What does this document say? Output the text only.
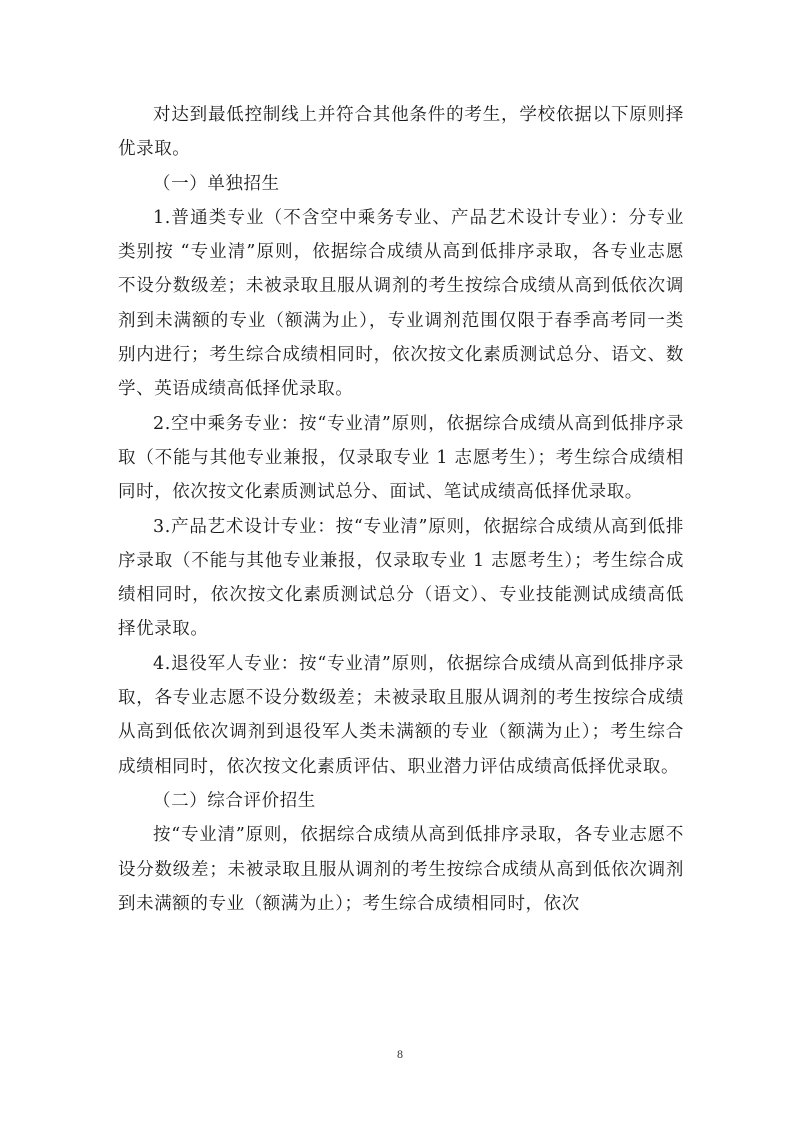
对达到最低控制线上并符合其他条件的考生，学校依据以下原则择优录取。

（一）单独招生

1.普通类专业（不含空中乘务专业、产品艺术设计专业）：分专业类别按 “专业清”原则，依据综合成绩从高到低排序录取，各专业志愿不设分数级差；未被录取且服从调剂的考生按综合成绩从高到低依次调剂到未满额的专业（额满为止），专业调剂范围仅限于春季高考同一类别内进行；考生综合成绩相同时，依次按文化素质测试总分、语文、数学、英语成绩高低择优录取。

2.空中乘务专业：按“专业清”原则，依据综合成绩从高到低排序录取（不能与其他专业兼报，仅录取专业 1 志愿考生）；考生综合成绩相同时，依次按文化素质测试总分、面试、笔试成绩高低择优录取。

3.产品艺术设计专业：按“专业清”原则，依据综合成绩从高到低排序录取（不能与其他专业兼报，仅录取专业 1 志愿考生）；考生综合成绩相同时，依次按文化素质测试总分（语文）、专业技能测试成绩高低择优录取。

4.退役军人专业：按“专业清”原则，依据综合成绩从高到低排序录取，各专业志愿不设分数级差；未被录取且服从调剂的考生按综合成绩从高到低依次调剂到退役军人类未满额的专业（额满为止）；考生综合成绩相同时，依次按文化素质评估、职业潜力评估成绩高低择优录取。

（二）综合评价招生

按“专业清”原则，依据综合成绩从高到低排序录取，各专业志愿不设分数级差；未被录取且服从调剂的考生按综合成绩从高到低依次调剂到未满额的专业（额满为止）；考生综合成绩相同时，依次

8
